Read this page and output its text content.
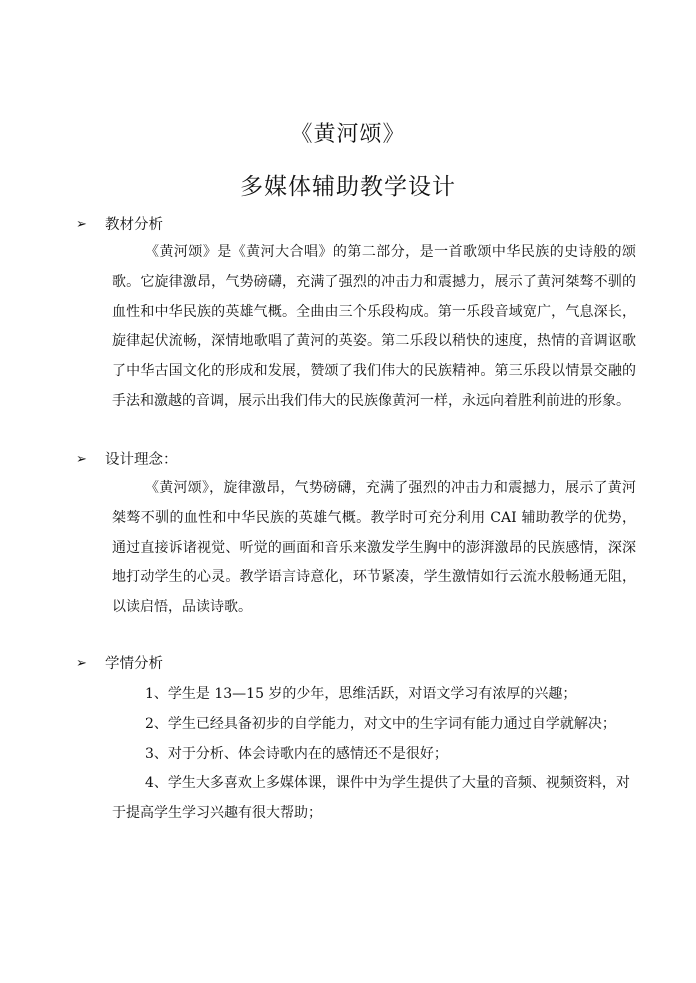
《黄河颂》
多媒体辅助教学设计
➢ 教材分析
《黄河颂》是《黄河大合唱》的第二部分，是一首歌颂中华民族的史诗般的颂歌。它旋律激昂，气势磅礴，充满了强烈的冲击力和震撼力，展示了黄河桀骜不驯的血性和中华民族的英雄气概。全曲由三个乐段构成。第一乐段音域宽广，气息深长，旋律起伏流畅，深情地歌唱了黄河的英姿。第二乐段以稍快的速度，热情的音调讴歌了中华古国文化的形成和发展，赞颂了我们伟大的民族精神。第三乐段以情景交融的手法和激越的音调，展示出我们伟大的民族像黄河一样，永远向着胜利前进的形象。
➢ 设计理念：
《黄河颂》，旋律激昂，气势磅礴，充满了强烈的冲击力和震撼力，展示了黄河桀骜不驯的血性和中华民族的英雄气概。教学时可充分利用 CAI 辅助教学的优势，通过直接诉诸视觉、听觉的画面和音乐来激发学生胸中的澎湃激昂的民族感情，深深地打动学生的心灵。教学语言诗意化，环节紧凑，学生激情如行云流水般畅通无阻，以读启悟，品读诗歌。
➢ 学情分析
1、学生是 13—15 岁的少年，思维活跃，对语文学习有浓厚的兴趣；
2、学生已经具备初步的自学能力，对文中的生字词有能力通过自学就解决；
3、对于分析、体会诗歌内在的感情还不是很好；
4、学生大多喜欢上多媒体课，课件中为学生提供了大量的音频、视频资料，对于提高学生学习兴趣有很大帮助；
